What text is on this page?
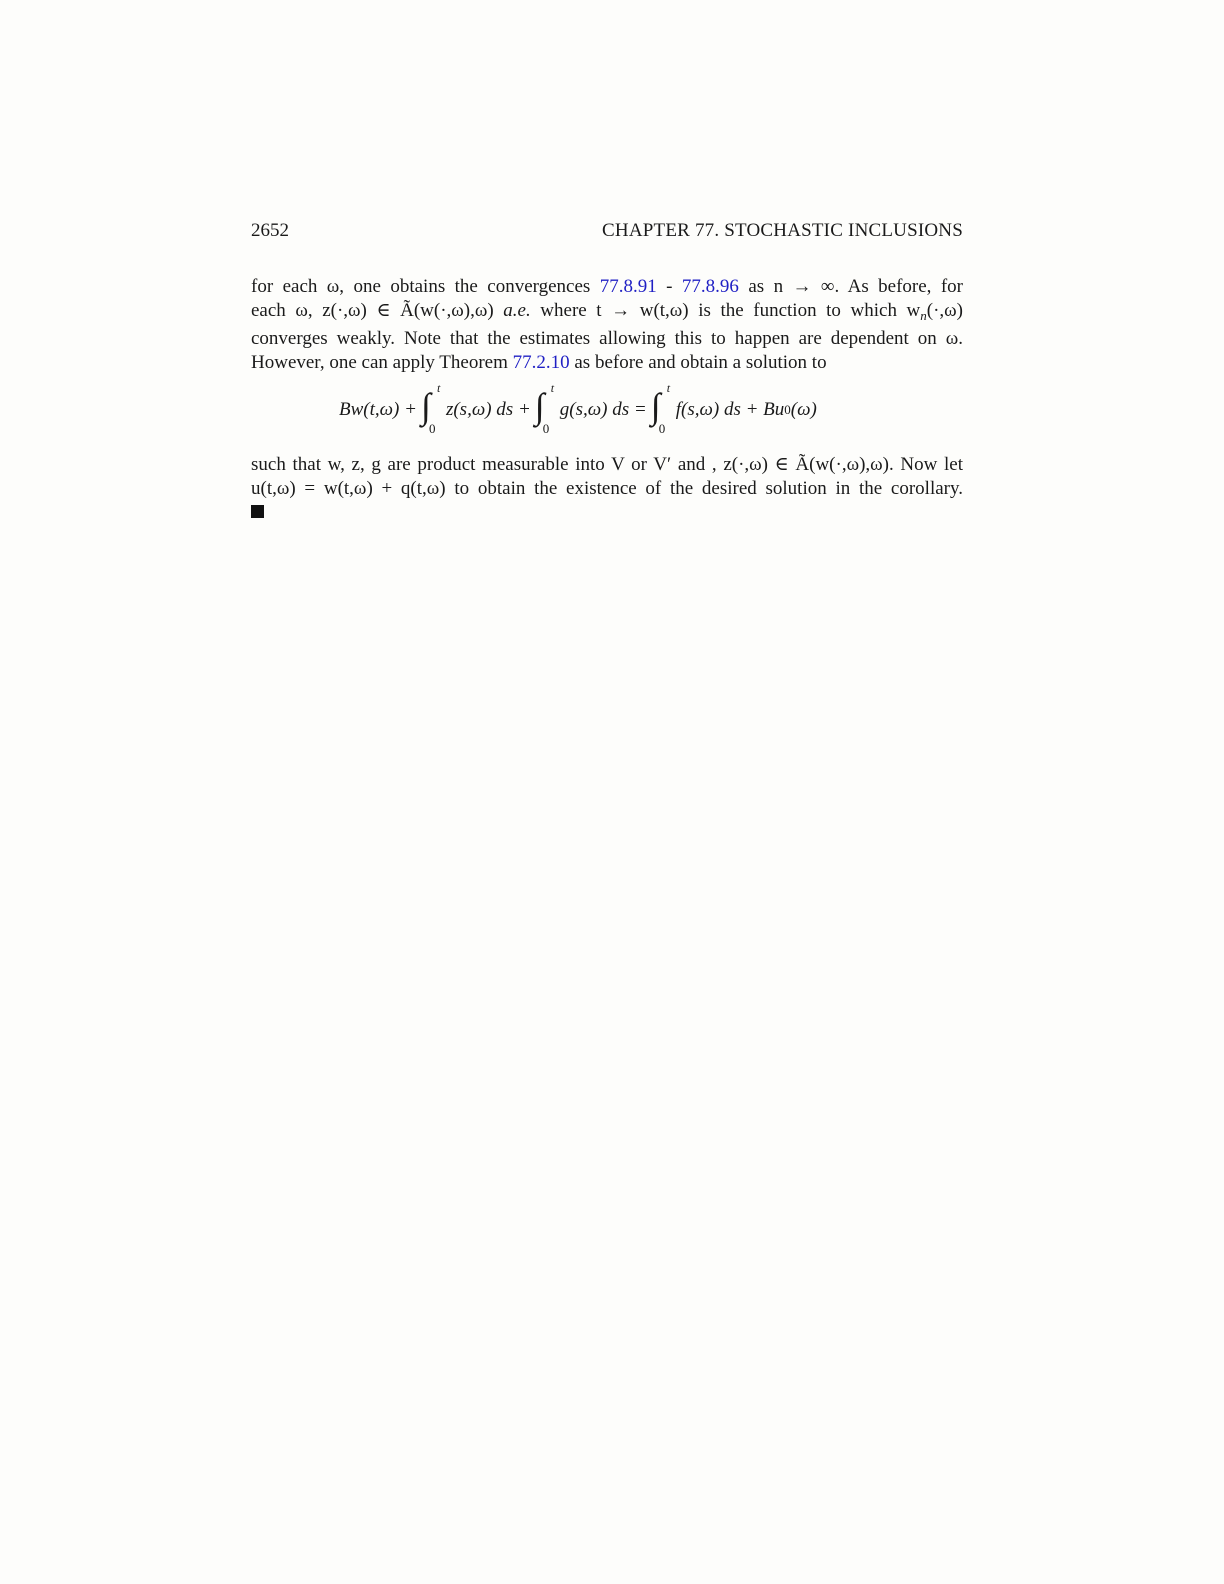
2652	CHAPTER 77. STOCHASTIC INCLUSIONS
for each ω, one obtains the convergences 77.8.91 - 77.8.96 as n → ∞. As before, for
each ω, z(·,ω) ∈ Ã(w(·,ω),ω) a.e. where t → w(t,ω) is the function to which $w_n(\cdot,\omega)$
converges weakly. Note that the estimates allowing this to happen are dependent on ω.
However, one can apply Theorem 77.2.10 as before and obtain a solution to
Bw(t,ω) + ∫ t
0
z(s,ω) ds + ∫ t
0
g(s,ω) ds = ∫ t
0
f(s,ω) ds + Bu 0 (ω)
such that w, z, g are product measurable into V or V′ and , z(·,ω) ∈ Ã(w(·,ω),ω). Now let
u(t,ω) = w(t,ω) + q(t,ω) to obtain the existence of the desired solution in the corollary.
